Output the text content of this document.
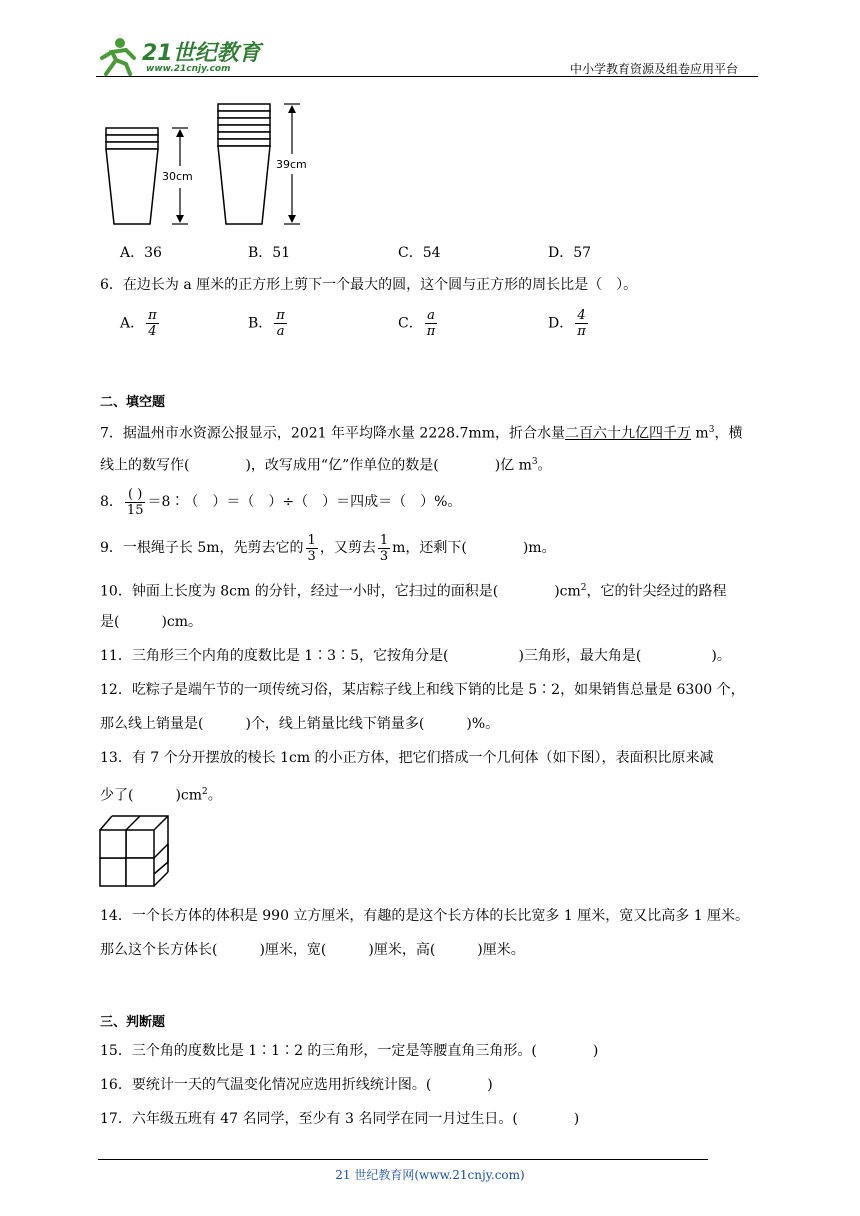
21世纪教育
www.21cnjy.com	中小学教育资源及组卷应用平台
30cm
39cm
A．36	B．51	C．54	D．57
6．在边长为 a 厘米的正方形上剪下一个最大的圆，这个圆与正方形的周长比是（　）。
A． $\frac{\pi}{4}$	B． $\frac{\pi}{a}$	C． $\frac{a}{\pi}$	D． $\frac{4}{\pi}$
二、填空题
7．据温州市水资源公报显示，2021 年平均降水量 2228.7mm，折合水量二百六十九亿四千万 $m^3$，横
线上的数写作(　　　　)，改写成用“亿”作单位的数是(　　　　)亿 $m^3$。
8． $\frac{( )}{15}$ ＝8∶（　）＝（　）÷（　）＝四成＝（　）%。
9．一根绳子长 5m，先剪去它的 $\frac{1}{3}$ ，又剪去 $\frac{1}{3}$ m，还剩下(　　　　)m。
10．钟面上长度为 8cm 的分针，经过一小时，它扫过的面积是(　　　　)$cm^2$，它的针尖经过的路程
是(　　　)cm。
11．三角形三个内角的度数比是 1∶3∶5，它按角分是(　　　　　)三角形，最大角是(　　　　　)。
12．吃粽子是端午节的一项传统习俗，某店粽子线上和线下销的比是 5∶2，如果销售总量是 6300 个，
那么线上销量是(　　　)个，线上销量比线下销量多(　　　)%。
13．有 7 个分开摆放的棱长 1cm 的小正方体，把它们搭成一个几何体（如下图），表面积比原来减
少了(　　　)$cm^2$。
14．一个长方体的体积是 990 立方厘米，有趣的是这个长方体的长比宽多 1 厘米，宽又比高多 1 厘米。
那么这个长方体长(　　　)厘米，宽(　　　)厘米，高(　　　)厘米。
三、判断题
15．三个角的度数比是 1∶1∶2 的三角形，一定是等腰直角三角形。(　　　　)
16．要统计一天的气温变化情况应选用折线统计图。(　　　　)
17．六年级五班有 47 名同学，至少有 3 名同学在同一月过生日。(　　　　)
21 世纪教育网(www.21cnjy.com)
